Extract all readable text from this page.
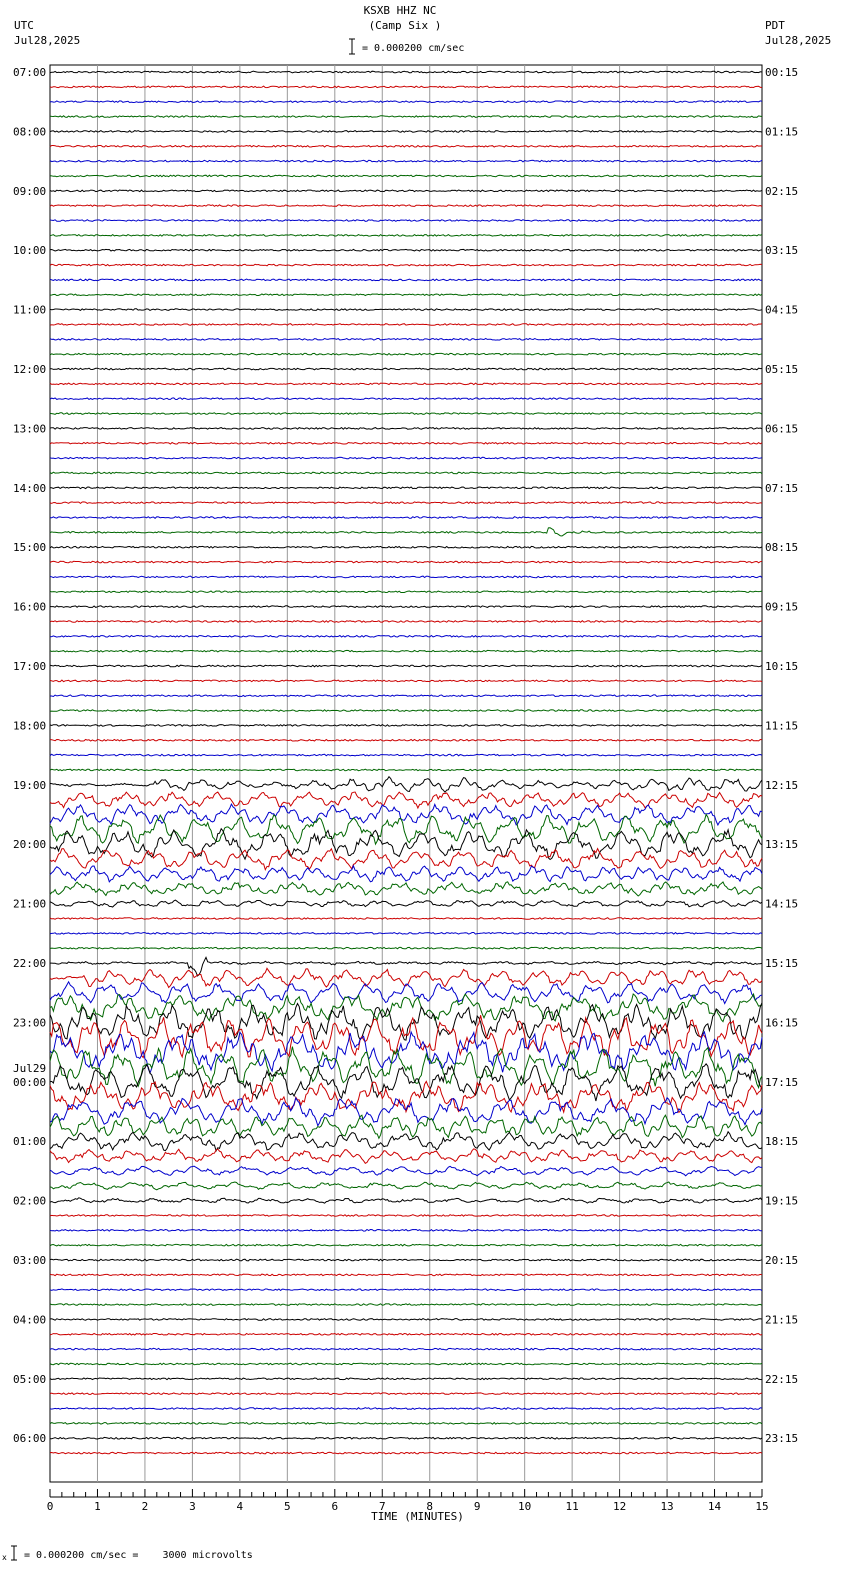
KSXB HHZ NC
(Camp Six )
UTC
Jul28,2025
PDT
Jul28,2025
= 0.000200 cm/sec
= 0.000200 cm/sec =    3000 microvolts
TIME (MINUTES)
x
07:00
08:00
09:00
10:00
11:00
12:00
13:00
14:00
15:00
16:00
17:00
18:00
19:00
20:00
21:00
22:00
23:00
00:00
01:00
02:00
03:00
04:00
05:00
06:00
00:15
01:15
02:15
03:15
04:15
05:15
06:15
07:15
08:15
09:15
10:15
11:15
12:15
13:15
14:15
15:15
16:15
17:15
18:15
19:15
20:15
21:15
22:15
23:15
Jul29
0	1	2	3	4	5	6	7	8	9	10	11	12	13	14	15
